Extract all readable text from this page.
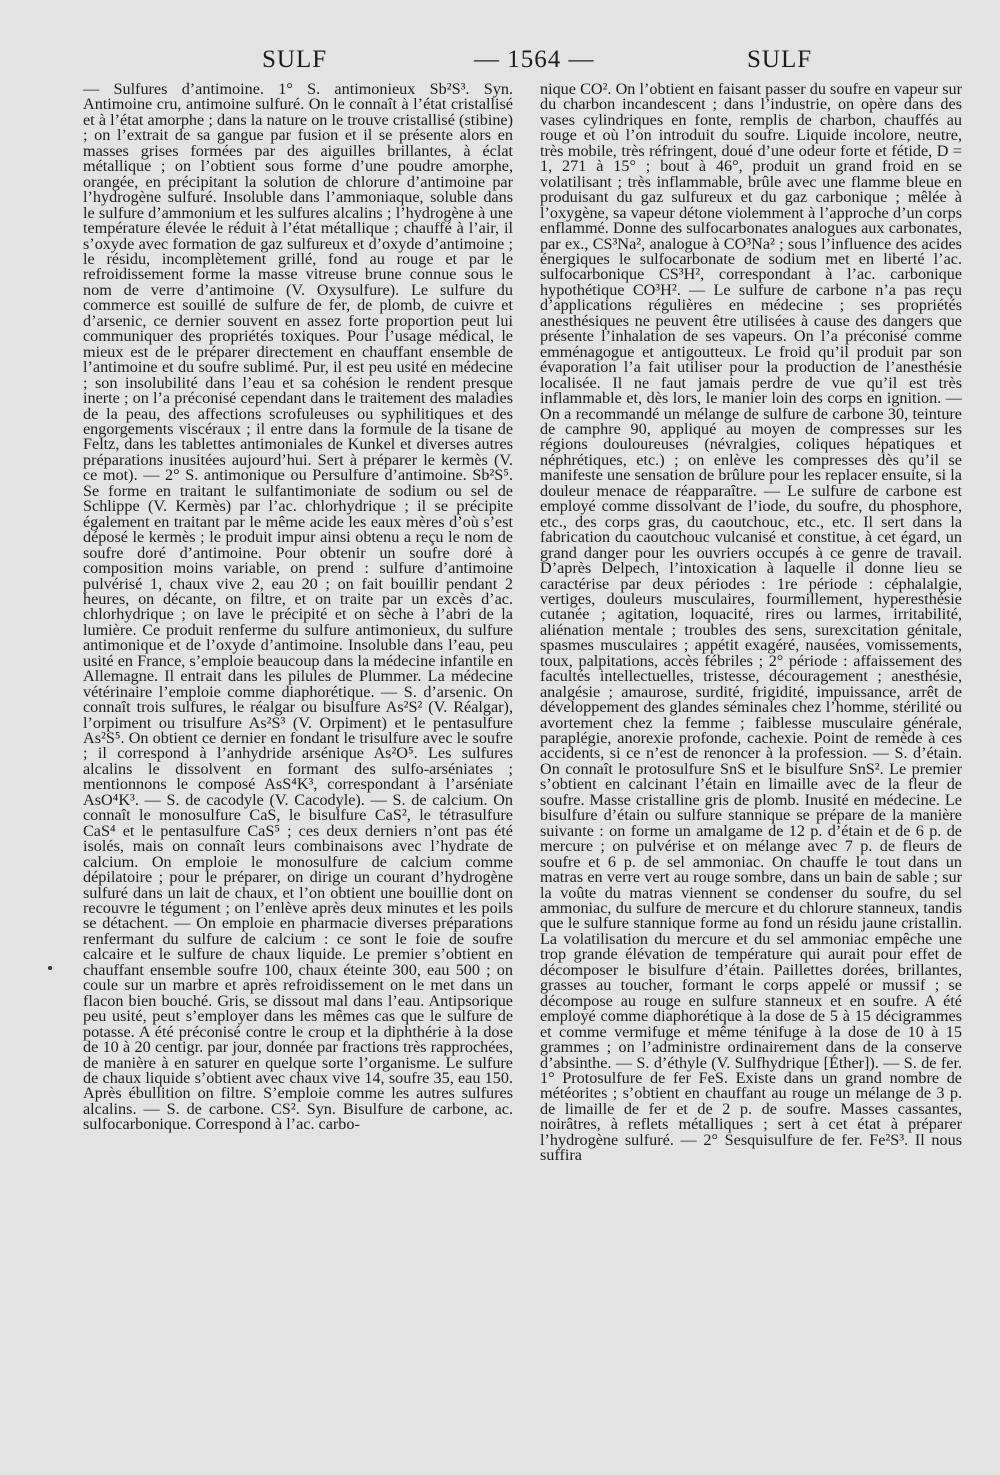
SULF	— 1564 —	SULF

— Sulfures d’antimoine. 1° S. antimonieux Sb²S³. Syn. Antimoine cru, antimoine sulfuré. On le connaît à l’état cristallisé et à l’état amorphe ; dans la nature on le trouve cristallisé (stibine) ; on l’extrait de sa gangue par fusion et il se présente alors en masses grises formées par des aiguilles brillantes, à éclat métallique ; on l’obtient sous forme d’une poudre amorphe, orangée, en précipitant la solution de chlorure d’antimoine par l’hydrogène sulfuré. Insoluble dans l’ammoniaque, soluble dans le sulfure d’ammonium et les sulfures alcalins ; l’hydrogène à une température élevée le réduit à l’état métallique ; chauffé à l’air, il s’oxyde avec formation de gaz sulfureux et d’oxyde d’antimoine ; le résidu, incomplètement grillé, fond au rouge et par le refroidissement forme la masse vitreuse brune connue sous le nom de verre d’antimoine (V. Oxysulfure). Le sulfure du commerce est souillé de sulfure de fer, de plomb, de cuivre et d’arsenic, ce dernier souvent en assez forte proportion peut lui communiquer des propriétés toxiques. Pour l’usage médical, le mieux est de le préparer directement en chauffant ensemble de l’antimoine et du soufre sublimé. Pur, il est peu usité en médecine ; son insolubilité dans l’eau et sa cohésion le rendent presque inerte ; on l’a préconisé cependant dans le traitement des maladies de la peau, des affections scrofuleuses ou syphilitiques et des engorgements viscéraux ; il entre dans la formule de la tisane de Feltz, dans les tablettes antimoniales de Kunkel et diverses autres préparations inusitées aujourd’hui. Sert à préparer le kermès (V. ce mot). — 2° S. antimonique ou Persulfure d’antimoine. Sb²S⁵. Se forme en traitant le sulfantimoniate de sodium ou sel de Schlippe (V. Kermès) par l’ac. chlorhydrique ; il se précipite également en traitant par le même acide les eaux mères d’où s’est déposé le kermès ; le produit impur ainsi obtenu a reçu le nom de soufre doré d’antimoine. Pour obtenir un soufre doré à composition moins variable, on prend : sulfure d’antimoine pulvérisé 1, chaux vive 2, eau 20 ; on fait bouillir pendant 2 heures, on décante, on filtre, et on traite par un excès d’ac. chlorhydrique ; on lave le précipité et on sèche à l’abri de la lumière. Ce produit renferme du sulfure antimonieux, du sulfure antimonique et de l’oxyde d’antimoine. Insoluble dans l’eau, peu usité en France, s’emploie beaucoup dans la médecine infantile en Allemagne. Il entrait dans les pilules de Plummer. La médecine vétérinaire l’emploie comme diaphorétique. — S. d’arsenic. On connaît trois sulfures, le réalgar ou bisulfure As²S² (V. Réalgar), l’orpiment ou trisulfure As²S³ (V. Orpiment) et le pentasulfure As²S⁵. On obtient ce dernier en fondant le trisulfure avec le soufre ; il correspond à l’anhydride arsénique As²O⁵. Les sulfures alcalins le dissolvent en formant des sulfo-arséniates ; mentionnons le composé AsS⁴K³, correspondant à l’arséniate AsO⁴K³. — S. de cacodyle (V. Cacodyle). — S. de calcium. On connaît le monosulfure CaS, le bisulfure CaS², le tétrasulfure CaS⁴ et le pentasulfure CaS⁵ ; ces deux derniers n’ont pas été isolés, mais on connaît leurs combinaisons avec l’hydrate de calcium. On emploie le monosulfure de calcium comme dépilatoire ; pour le préparer, on dirige un courant d’hydrogène sulfuré dans un lait de chaux, et l’on obtient une bouillie dont on recouvre le tégument ; on l’enlève après deux minutes et les poils se détachent. — On emploie en pharmacie diverses préparations renfermant du sulfure de calcium : ce sont le foie de soufre calcaire et le sulfure de chaux liquide. Le premier s’obtient en chauffant ensemble soufre 100, chaux éteinte 300, eau 500 ; on coule sur un marbre et après refroidissement on le met dans un flacon bien bouché. Gris, se dissout mal dans l’eau. Antipsorique peu usité, peut s’employer dans les mêmes cas que le sulfure de potasse. A été préconisé contre le croup et la diphthérie à la dose de 10 à 20 centigr. par jour, donnée par fractions très rapprochées, de manière à en saturer en quelque sorte l’organisme. Le sulfure de chaux liquide s’obtient avec chaux vive 14, soufre 35, eau 150. Après ébullition on filtre. S’emploie comme les autres sulfures alcalins. — S. de carbone. CS². Syn. Bisulfure de carbone, ac. sulfocarbonique. Correspond à l’ac. carbo-

nique CO². On l’obtient en faisant passer du soufre en vapeur sur du charbon incandescent ; dans l’industrie, on opère dans des vases cylindriques en fonte, remplis de charbon, chauffés au rouge et où l’on introduit du soufre. Liquide incolore, neutre, très mobile, très réfringent, doué d’une odeur forte et fétide, D = 1, 271 à 15° ; bout à 46°, produit un grand froid en se volatilisant ; très inflammable, brûle avec une flamme bleue en produisant du gaz sulfureux et du gaz carbonique ; mêlée à l’oxygène, sa vapeur détone violemment à l’approche d’un corps enflammé. Donne des sulfocarbonates analogues aux carbonates, par ex., CS³Na², analogue à CO³Na² ; sous l’influence des acides énergiques le sulfocarbonate de sodium met en liberté l’ac. sulfocarbonique CS³H², correspondant à l’ac. carbonique hypothétique CO³H². — Le sulfure de carbone n’a pas reçu d’applications régulières en médecine ; ses propriétés anesthésiques ne peuvent être utilisées à cause des dangers que présente l’inhalation de ses vapeurs. On l’a préconisé comme emménagogue et antigoutteux. Le froid qu’il produit par son évaporation l’a fait utiliser pour la production de l’anesthésie localisée. Il ne faut jamais perdre de vue qu’il est très inflammable et, dès lors, le manier loin des corps en ignition. — On a recommandé un mélange de sulfure de carbone 30, teinture de camphre 90, appliqué au moyen de compresses sur les régions douloureuses (névralgies, coliques hépatiques et néphrétiques, etc.) ; on enlève les compresses dès qu’il se manifeste une sensation de brûlure pour les replacer ensuite, si la douleur menace de réapparaître. — Le sulfure de carbone est employé comme dissolvant de l’iode, du soufre, du phosphore, etc., des corps gras, du caoutchouc, etc., etc. Il sert dans la fabrication du caoutchouc vulcanisé et constitue, à cet égard, un grand danger pour les ouvriers occupés à ce genre de travail. D’après Delpech, l’intoxication à laquelle il donne lieu se caractérise par deux périodes : 1re période : céphalalgie, vertiges, douleurs musculaires, fourmillement, hyperesthésie cutanée ; agitation, loquacité, rires ou larmes, irritabilité, aliénation mentale ; troubles des sens, surexcitation génitale, spasmes musculaires ; appétit exagéré, nausées, vomissements, toux, palpitations, accès fébriles ; 2° période : affaissement des facultés intellectuelles, tristesse, découragement ; anesthésie, analgésie ; amaurose, surdité, frigidité, impuissance, arrêt de développement des glandes séminales chez l’homme, stérilité ou avortement chez la femme ; faiblesse musculaire générale, paraplégie, anorexie profonde, cachexie. Point de remède à ces accidents, si ce n’est de renoncer à la profession. — S. d’étain. On connaît le protosulfure SnS et le bisulfure SnS². Le premier s’obtient en calcinant l’étain en limaille avec de la fleur de soufre. Masse cristalline gris de plomb. Inusité en médecine. Le bisulfure d’étain ou sulfure stannique se prépare de la manière suivante : on forme un amalgame de 12 p. d’étain et de 6 p. de mercure ; on pulvérise et on mélange avec 7 p. de fleurs de soufre et 6 p. de sel ammoniac. On chauffe le tout dans un matras en verre vert au rouge sombre, dans un bain de sable ; sur la voûte du matras viennent se condenser du soufre, du sel ammoniac, du sulfure de mercure et du chlorure stanneux, tandis que le sulfure stannique forme au fond un résidu jaune cristallin. La volatilisation du mercure et du sel ammoniac empêche une trop grande élévation de température qui aurait pour effet de décomposer le bisulfure d’étain. Paillettes dorées, brillantes, grasses au toucher, formant le corps appelé or mussif ; se décompose au rouge en sulfure stanneux et en soufre. A été employé comme diaphorétique à la dose de 5 à 15 décigrammes et comme vermifuge et même ténifuge à la dose de 10 à 15 grammes ; on l’administre ordinairement dans de la conserve d’absinthe. — S. d’éthyle (V. Sulfhydrique [Éther]). — S. de fer. 1° Protosulfure de fer FeS. Existe dans un grand nombre de météorites ; s’obtient en chauffant au rouge un mélange de 3 p. de limaille de fer et de 2 p. de soufre. Masses cassantes, noirâtres, à reflets métalliques ; sert à cet état à préparer l’hydrogène sulfuré. — 2° Sesquisulfure de fer. Fe²S³. Il nous suffira
